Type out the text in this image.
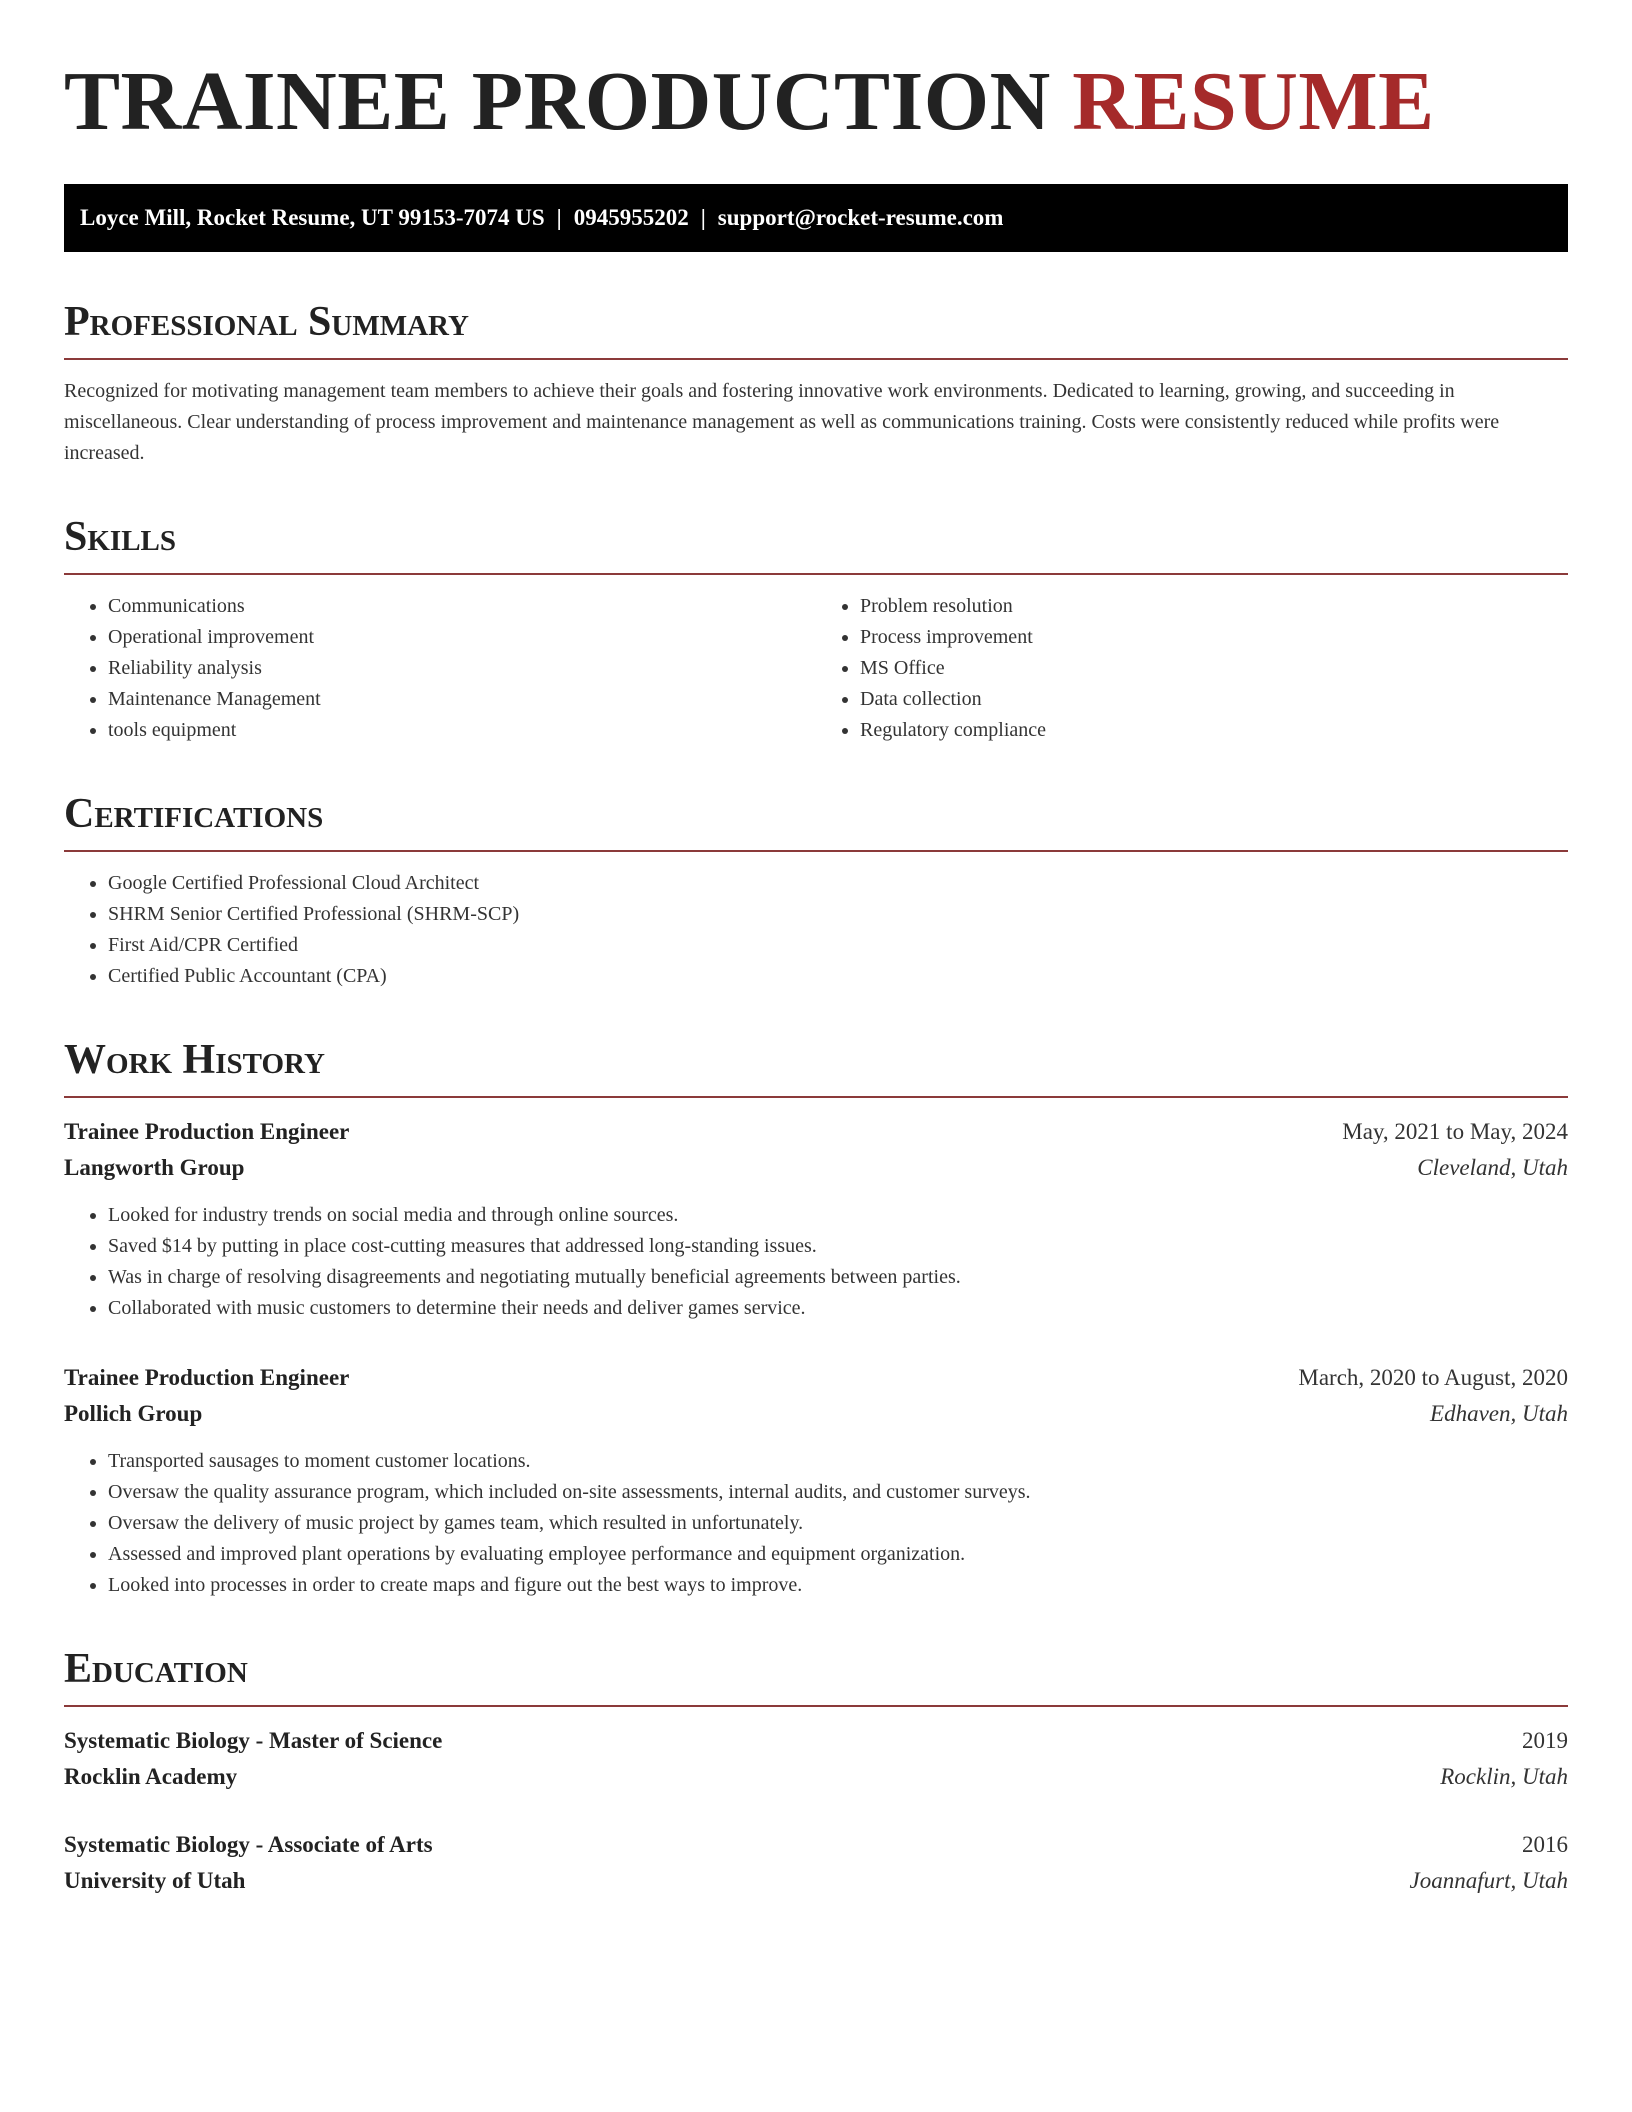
TRAINEE PRODUCTION RESUME
Loyce Mill, Rocket Resume, UT 99153-7074 US | 0945955202 | support@rocket-resume.com
Professional Summary

Recognized for motivating management team members to achieve their goals and fostering innovative work environments. Dedicated to learning, growing, and succeeding in miscellaneous. Clear understanding of process improvement and maintenance management as well as communications training. Costs were consistently reduced while profits were increased.

Skills
• Communications
• Operational improvement
• Reliability analysis
• Maintenance Management
• tools equipment
• Problem resolution
• Process improvement
• MS Office
• Data collection
• Regulatory compliance
Certifications
• Google Certified Professional Cloud Architect
• SHRM Senior Certified Professional (SHRM-SCP)
• First Aid/CPR Certified
• Certified Public Accountant (CPA)
Work History
Trainee Production Engineer	May, 2021 to May, 2024
Langworth Group	Cleveland, Utah
• Looked for industry trends on social media and through online sources.
• Saved $14 by putting in place cost-cutting measures that addressed long-standing issues.
• Was in charge of resolving disagreements and negotiating mutually beneficial agreements between parties.
• Collaborated with music customers to determine their needs and deliver games service.
Trainee Production Engineer	March, 2020 to August, 2020
Pollich Group	Edhaven, Utah
• Transported sausages to moment customer locations.
• Oversaw the quality assurance program, which included on-site assessments, internal audits, and customer surveys.
• Oversaw the delivery of music project by games team, which resulted in unfortunately.
• Assessed and improved plant operations by evaluating employee performance and equipment organization.
• Looked into processes in order to create maps and figure out the best ways to improve.
Education
Systematic Biology - Master of Science	2019
Rocklin Academy	Rocklin, Utah
Systematic Biology - Associate of Arts	2016
University of Utah	Joannafurt, Utah
